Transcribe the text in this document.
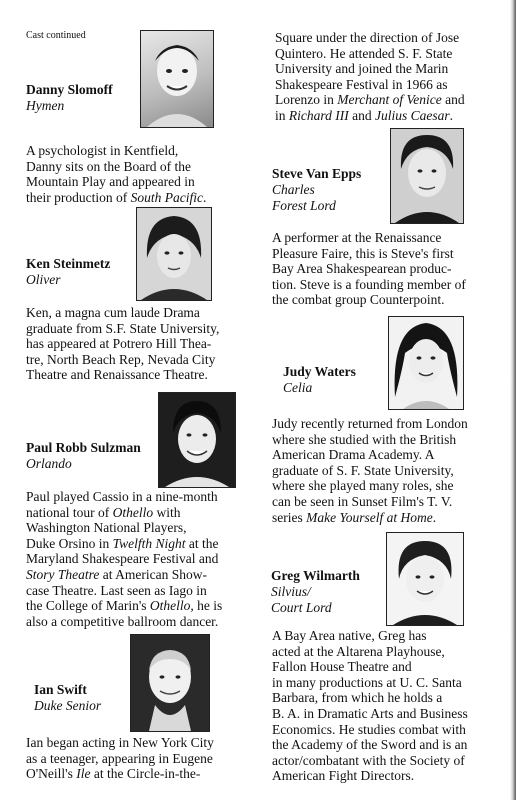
Cast continued
Danny Slomoff
Hymen
A psychologist in Kentfield,
Danny sits on the Board of the
Mountain Play and appeared in
their production of South Pacific.
Ken Steinmetz
Oliver
Ken, a magna cum laude Drama
graduate from S.F. State University,
has appeared at Potrero Hill Thea-
tre, North Beach Rep, Nevada City
Theatre and Renaissance Theatre.
Paul Robb Sulzman
Orlando
Paul played Cassio in a nine-month
national tour of Othello with
Washington National Players,
Duke Orsino in Twelfth Night at the
Maryland Shakespeare Festival and
Story Theatre at American Show-
case Theatre. Last seen as Iago in
the College of Marin's Othello, he is
also a competitive ballroom dancer.
Ian Swift
Duke Senior
Ian began acting in New York City
as a teenager, appearing in Eugene
O'Neill's Ile at the Circle-in-the-
Square under the direction of Jose
Quintero. He attended S. F. State
University and joined the Marin
Shakespeare Festival in 1966 as
Lorenzo in Merchant of Venice and
in Richard III and Julius Caesar.
Steve Van Epps
Charles
Forest Lord
A performer at the Renaissance
Pleasure Faire, this is Steve's first
Bay Area Shakespearean produc-
tion. Steve is a founding member of
the combat group Counterpoint.
Judy Waters
Celia
Judy recently returned from London
where she studied with the British
American Drama Academy. A
graduate of S. F. State University,
where she played many roles, she
can be seen in Sunset Film's T. V.
series Make Yourself at Home.
Greg Wilmarth
Silvius/
Court Lord
A Bay Area native, Greg has
acted at the Altarena Playhouse,
Fallon House Theatre and
in many productions at U. C. Santa
Barbara, from which he holds a
B. A. in Dramatic Arts and Business
Economics. He studies combat with
the Academy of the Sword and is an
actor/combatant with the Society of
American Fight Directors.
